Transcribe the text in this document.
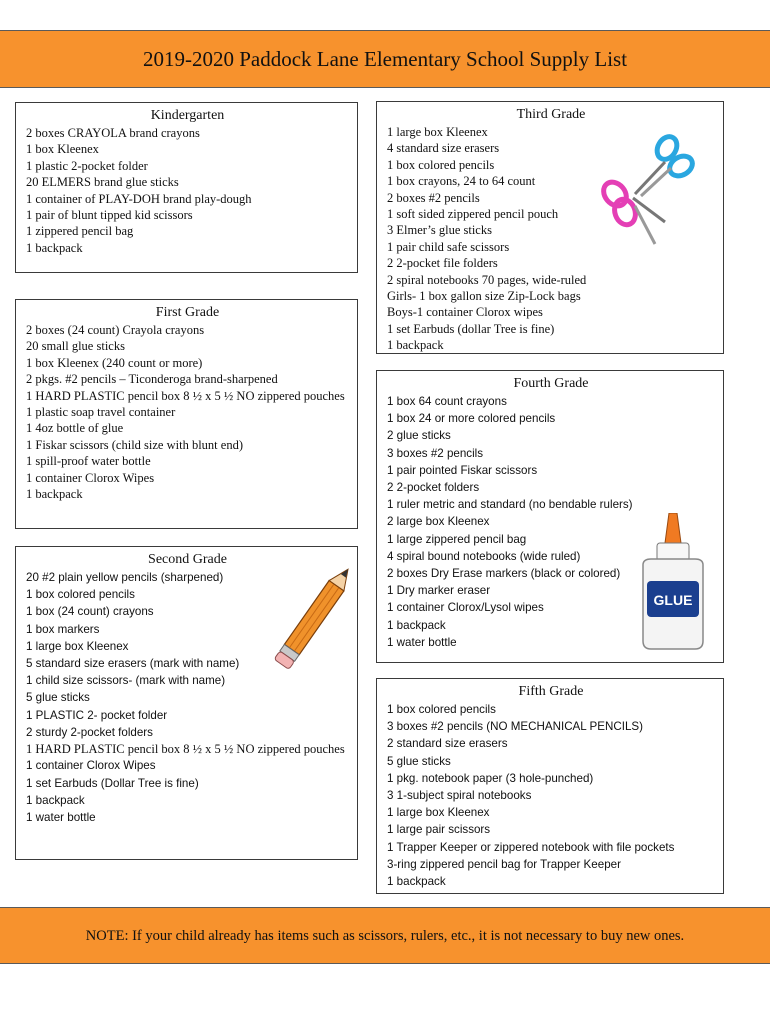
2019-2020 Paddock Lane Elementary School Supply List
Kindergarten
2 boxes CRAYOLA brand crayons
1 box Kleenex
1 plastic 2-pocket folder
20 ELMERS brand glue sticks
1 container of PLAY-DOH brand play-dough
1 pair of blunt tipped kid scissors
1 zippered pencil bag
1 backpack
First Grade
2 boxes (24 count) Crayola crayons
20 small glue sticks
1 box Kleenex (240 count or more)
2 pkgs. #2 pencils – Ticonderoga brand-sharpened
1 HARD PLASTIC pencil box 8 ½ x 5 ½ NO zippered pouches
1 plastic soap travel container
1 4oz bottle of glue
1 Fiskar scissors (child size with blunt end)
1 spill-proof water bottle
1 container Clorox Wipes
1 backpack
Second Grade
20 #2 plain yellow pencils (sharpened)
1 box colored pencils
1 box (24 count) crayons
1 box markers
1 large box Kleenex
5 standard size erasers (mark with name)
1 child size scissors- (mark with name)
5 glue sticks
1 PLASTIC 2- pocket folder
2 sturdy 2-pocket folders
1 HARD PLASTIC pencil box 8 ½ x 5 ½ NO zippered pouches
1 container Clorox Wipes
1 set Earbuds (Dollar Tree is fine)
1 backpack
1 water bottle
Third Grade
1 large box Kleenex
4 standard size erasers
1 box colored pencils
1 box crayons, 24 to 64 count
2 boxes #2 pencils
1 soft sided zippered pencil pouch
3 Elmer’s glue sticks
1 pair child safe scissors
2 2-pocket file folders
2 spiral notebooks 70 pages, wide-ruled
Girls- 1 box gallon size Zip-Lock bags
Boys-1 container Clorox wipes
1 set Earbuds (dollar Tree is fine)
1 backpack
Fourth Grade
1 box 64 count crayons
1 box 24 or more colored pencils
2 glue sticks
3 boxes #2 pencils
1 pair pointed Fiskar scissors
2 2-pocket folders
1 ruler metric and standard (no bendable rulers)
2 large box Kleenex
1 large zippered pencil bag
4 spiral bound notebooks (wide ruled)
2 boxes Dry Erase markers (black or colored)
1 Dry marker eraser
1 container Clorox/Lysol wipes
1 backpack
1 water bottle
GLUE
Fifth Grade
1 box colored pencils
3 boxes #2 pencils (NO MECHANICAL PENCILS)
2 standard size erasers
5 glue sticks
1 pkg. notebook paper (3 hole-punched)
3 1-subject spiral notebooks
1 large box Kleenex
1 large pair scissors
1 Trapper Keeper or zippered notebook with file pockets
3-ring zippered pencil bag for Trapper Keeper
1 backpack
NOTE: If your child already has items such as scissors, rulers, etc., it is not necessary to buy new ones.
